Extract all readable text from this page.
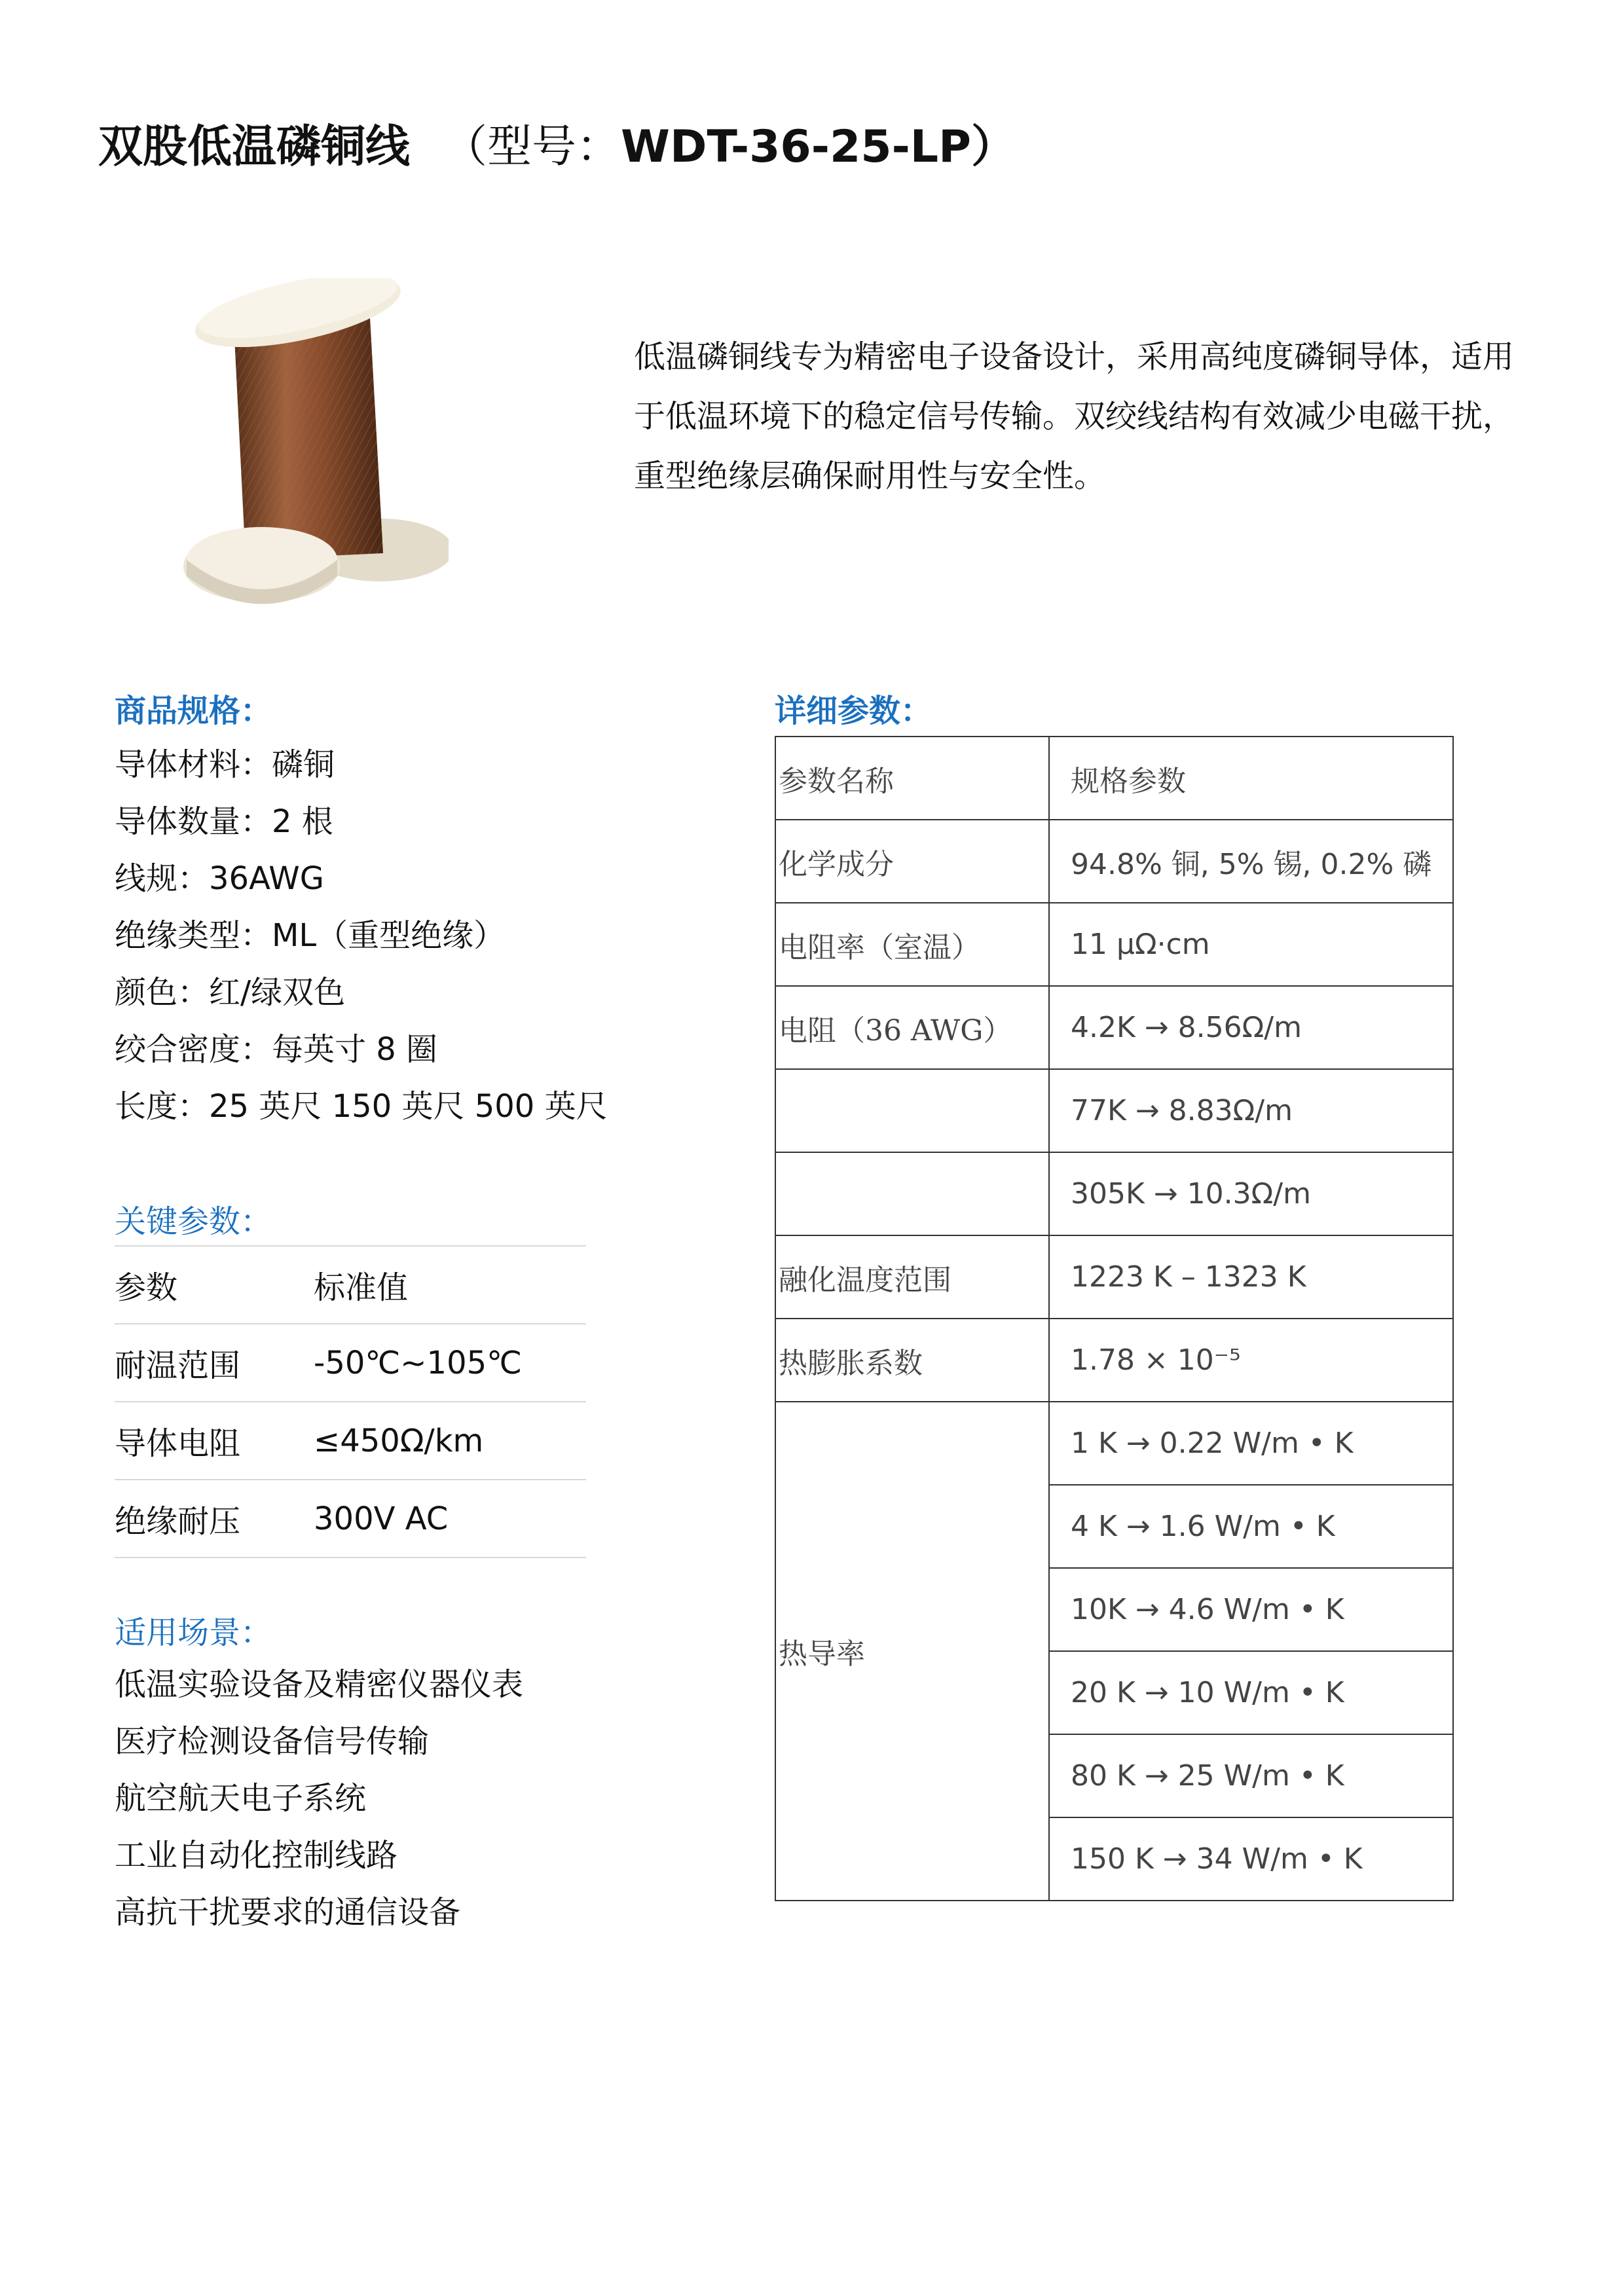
双股低温磷铜线 （型号：WDT-36-25-LP）
低温磷铜线专为精密电子设备设计，采用高纯度磷铜导体，适用于低温环境下的稳定信号传输。双绞线结构有效减少电磁干扰，重型绝缘层确保耐用性与安全性。
商品规格：
导体材料：磷铜
导体数量：2 根
线规：36AWG
绝缘类型：ML（重型绝缘）
颜色：红/绿双色
绞合密度：每英寸 8 圈
长度：25 英尺 150 英尺 500 英尺
关键参数：
参数	标准值
耐温范围	-50℃~105℃
导体电阻	≤450Ω/km
绝缘耐压	300V AC
适用场景：
低温实验设备及精密仪器仪表
医疗检测设备信号传输
航空航天电子系统
工业自动化控制线路
高抗干扰要求的通信设备
详细参数：
参数名称	规格参数
化学成分	94.8% 铜, 5% 锡, 0.2% 磷
电阻率（室温）	11 μΩ·cm
电阻（36 AWG）	4.2K → 8.56Ω/m
	77K → 8.83Ω/m
	305K → 10.3Ω/m
融化温度范围	1223 K – 1323 K
热膨胀系数	1.78 × 10⁻⁵
热导率	1 K → 0.22 W/m • K
	4 K → 1.6 W/m • K
	10K → 4.6 W/m • K
	20 K → 10 W/m • K
	80 K → 25 W/m • K
	150 K → 34 W/m • K
